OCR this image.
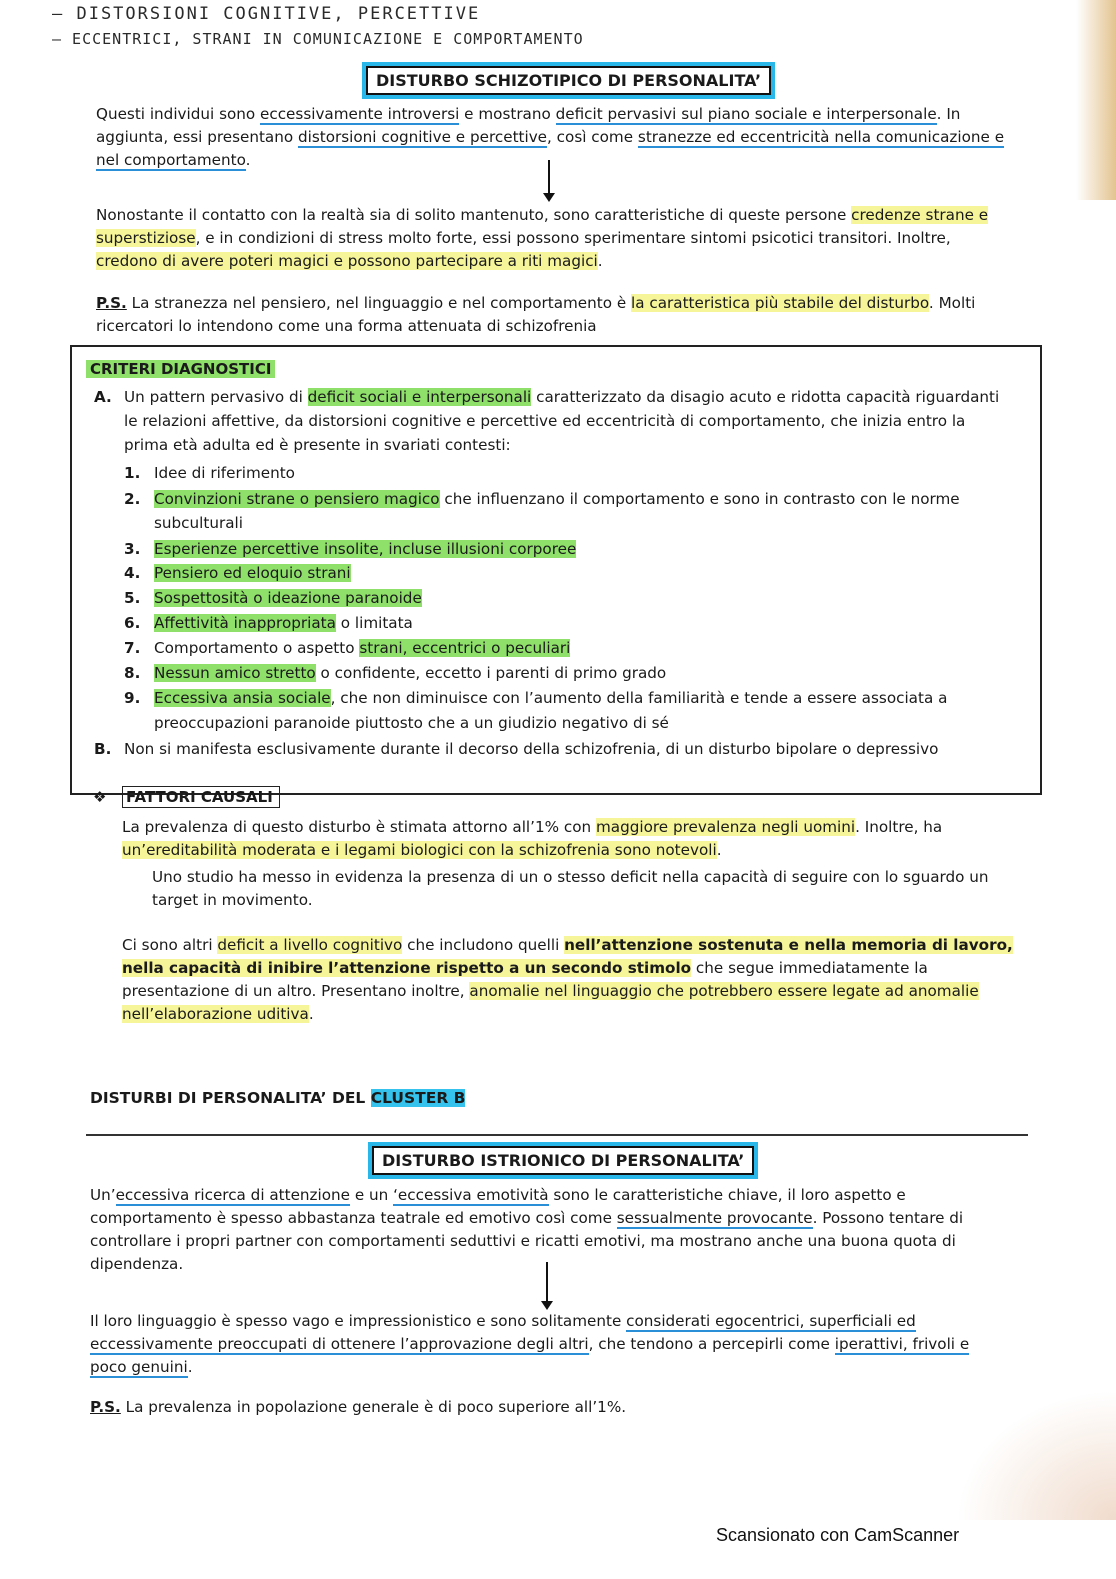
– DISTORSIONI COGNITIVE, PERCETTIVE
– ECCENTRICI, STRANI IN COMUNICAZIONE E COMPORTAMENTO
DISTURBO SCHIZOTIPICO DI PERSONALITA’
Questi individui sono eccessivamente introversi e mostrano deficit pervasivi sul piano sociale e interpersonale. In aggiunta, essi presentano distorsioni cognitive e percettive, così come stranezze ed eccentricità nella comunicazione e nel comportamento.
Nonostante il contatto con la realtà sia di solito mantenuto, sono caratteristiche di queste persone credenze strane e superstiziose, e in condizioni di stress molto forte, essi possono sperimentare sintomi psicotici transitori. Inoltre, credono di avere poteri magici e possono partecipare a riti magici.
P.S. La stranezza nel pensiero, nel linguaggio e nel comportamento è la caratteristica più stabile del disturbo. Molti ricercatori lo intendono come una forma attenuata di schizofrenia
CRITERI DIAGNOSTICI
A. Un pattern pervasivo di deficit sociali e interpersonali caratterizzato da disagio acuto e ridotta capacità riguardanti
le relazioni affettive, da distorsioni cognitive e percettive ed eccentricità di comportamento, che inizia entro la
prima età adulta ed è presente in svariati contesti:
1. Idee di riferimento
2. Convinzioni strane o pensiero magico che influenzano il comportamento e sono in contrasto con le norme
subculturali
3. Esperienze percettive insolite, incluse illusioni corporee
4. Pensiero ed eloquio strani
5. Sospettosità o ideazione paranoide
6. Affettività inappropriata o limitata
7. Comportamento o aspetto strani, eccentrici o peculiari
8. Nessun amico stretto o confidente, eccetto i parenti di primo grado
9. Eccessiva ansia sociale, che non diminuisce con l’aumento della familiarità e tende a essere associata a
preoccupazioni paranoide piuttosto che a un giudizio negativo di sé
B. Non si manifesta esclusivamente durante il decorso della schizofrenia, di un disturbo bipolare o depressivo
❖ FATTORI CAUSALI
La prevalenza di questo disturbo è stimata attorno all’1% con maggiore prevalenza negli uomini. Inoltre, ha un’ereditabilità moderata e i legami biologici con la schizofrenia sono notevoli.
Uno studio ha messo in evidenza la presenza di un o stesso deficit nella capacità di seguire con lo sguardo un target in movimento.
Ci sono altri deficit a livello cognitivo che includono quelli nell’attenzione sostenuta e nella memoria di lavoro, nella capacità di inibire l’attenzione rispetto a un secondo stimolo che segue immediatamente la presentazione di un altro. Presentano inoltre, anomalie nel linguaggio che potrebbero essere legate ad anomalie nell’elaborazione uditiva.
DISTURBI DI PERSONALITA’ DEL CLUSTER B
DISTURBO ISTRIONICO DI PERSONALITA’
Un’eccessiva ricerca di attenzione e un ‘eccessiva emotività sono le caratteristiche chiave, il loro aspetto e comportamento è spesso abbastanza teatrale ed emotivo così come sessualmente provocante. Possono tentare di controllare i propri partner con comportamenti seduttivi e ricatti emotivi, ma mostrano anche una buona quota di dipendenza.
Il loro linguaggio è spesso vago e impressionistico e sono solitamente considerati egocentrici, superficiali ed eccessivamente preoccupati di ottenere l’approvazione degli altri, che tendono a percepirli come iperattivi, frivoli e poco genuini.
P.S. La prevalenza in popolazione generale è di poco superiore all’1%.
Scansionato con CamScanner
